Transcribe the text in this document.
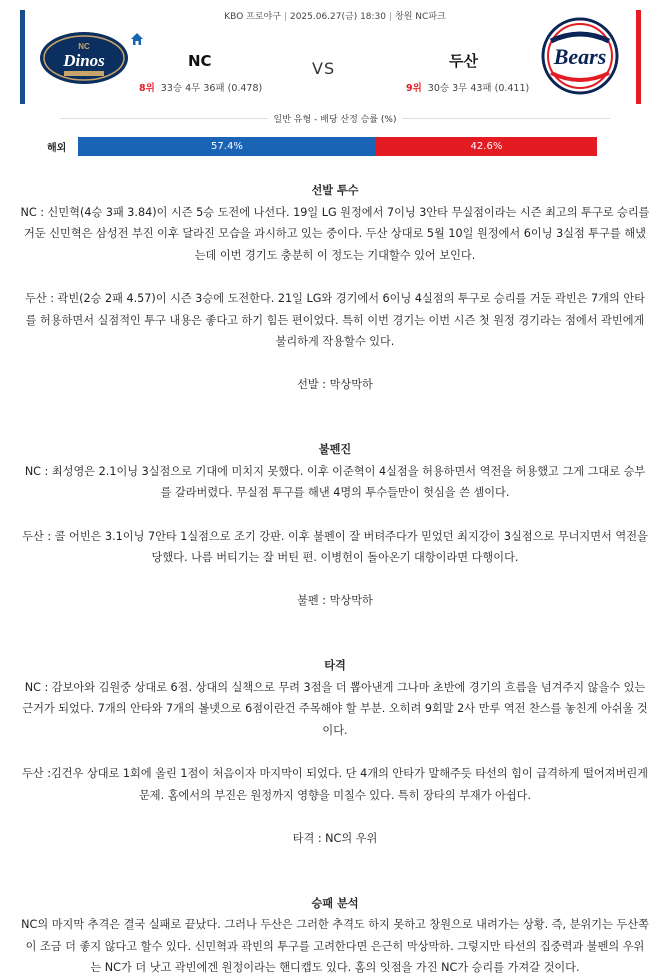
KBO 프로야구 | 2025.06.27(금) 18:30 | 창원 NC파크
NC
Dinos	Bears
NC	VS	두산
8위 33승 4무 36패 (0.478)	9위 30승 3무 43패 (0.411)
일반 유형 - 배당 산정 승률 (%)
해외	57.4%	42.6%
선발 투수

NC : 신민혁(4승 3패 3.84)이 시즌 5승 도전에 나선다. 19일 LG 원정에서 7이닝 3안타 무실점이라는 시즌 최고의 투구로 승리를

거둔 신민혁은 삼성전 부진 이후 달라진 모습을 과시하고 있는 중이다. 두산 상대로 5월 10일 원정에서 6이닝 3실점 투구를 해냈

는데 이번 경기도 충분히 이 정도는 기대할수 있어 보인다.

두산 : 곽빈(2승 2패 4.57)이 시즌 3승에 도전한다. 21일 LG와 경기에서 6이닝 4실점의 투구로 승리를 거둔 곽빈은 7개의 안타

를 허용하면서 실점적인 투구 내용은 좋다고 하기 힘든 편이었다. 특히 이번 경기는 이번 시즌 첫 원정 경기라는 점에서 곽빈에게

불리하게 작용할수 있다.

선발 : 막상막하

불펜진

NC : 최성영은 2.1이닝 3실점으로 기대에 미치지 못했다. 이후 이준혁이 4실점을 허용하면서 역전을 허용했고 그게 그대로 승부

를 갈라버렸다. 무실점 투구를 해낸 4명의 투수들만이 헛심을 쓴 셈이다.

두산 : 콜 어빈은 3.1이닝 7안타 1실점으로 조기 강판. 이후 불펜이 잘 버텨주다가 믿었던 최지강이 3실점으로 무너지면서 역전을

당했다. 나름 버티기는 잘 버틴 편. 이병헌이 돌아온기 대항이라면 다행이다.

불펜 : 막상막하

타격

NC : 감보아와 김원중 상대로 6점. 상대의 실책으로 무려 3점을 더 뽑아낸게 그나마 초반에 경기의 흐름을 넘겨주지 않을수 있는

근거가 되었다. 7개의 안타와 7개의 볼넷으로 6점이란건 주목해야 할 부분. 오히려 9회말 2사 만루 역전 찬스를 놓친게 아쉬울 것

이다.

두산 :김건우 상대로 1회에 올린 1점이 처음이자 마지막이 되었다. 단 4개의 안타가 말해주듯 타선의 힘이 급격하게 떨어져버린게

문제. 홈에서의 부진은 원정까지 영향을 미칠수 있다. 특히 장타의 부재가 아쉽다.

타격 : NC의 우위

승패 분석

NC의 마지막 추격은 결국 실패로 끝났다. 그러나 두산은 그러한 추격도 하지 못하고 창원으로 내려가는 상황. 즉, 분위기는 두산쪽

이 조금 더 좋지 않다고 할수 있다. 신민혁과 곽빈의 투구를 고려한다면 은근히 막상막하. 그렇지만 타선의 집중력과 불펜의 우위

는 NC가 더 낫고 곽빈에겐 원정이라는 핸디캡도 있다. 홈의 잇점을 가진 NC가 승리를 가져갈 것이다.
